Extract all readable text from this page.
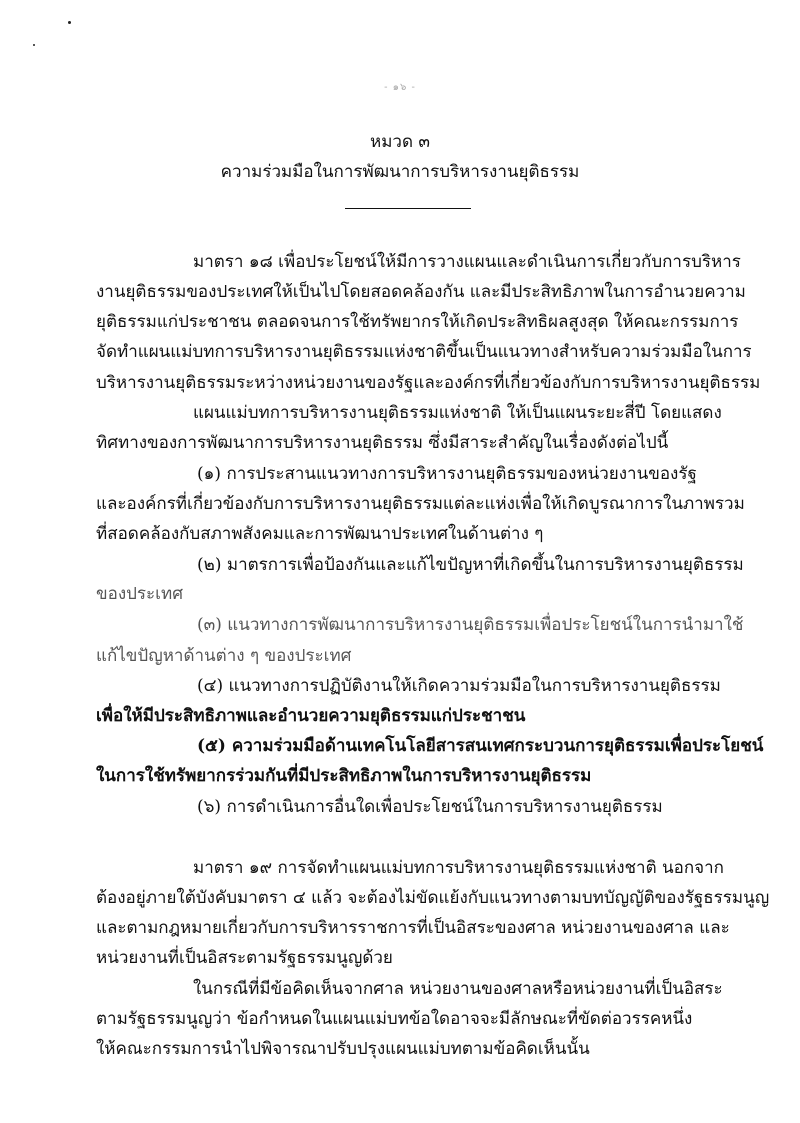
- ๑๖ -
หมวด ๓
ความร่วมมือในการพัฒนาการบริหารงานยุติธรรม
มาตรา ๑๘ เพื่อประโยชน์ให้มีการวางแผนและดำเนินการเกี่ยวกับการบริหาร
งานยุติธรรมของประเทศให้เป็นไปโดยสอดคล้องกัน และมีประสิทธิภาพในการอำนวยความ
ยุติธรรมแก่ประชาชน ตลอดจนการใช้ทรัพยากรให้เกิดประสิทธิผลสูงสุด ให้คณะกรรมการ
จัดทำแผนแม่บทการบริหารงานยุติธรรมแห่งชาติขึ้นเป็นแนวทางสำหรับความร่วมมือในการ
บริหารงานยุติธรรมระหว่างหน่วยงานของรัฐและองค์กรที่เกี่ยวข้องกับการบริหารงานยุติธรรม
แผนแม่บทการบริหารงานยุติธรรมแห่งชาติ ให้เป็นแผนระยะสี่ปี โดยแสดง
ทิศทางของการพัฒนาการบริหารงานยุติธรรม ซึ่งมีสาระสำคัญในเรื่องดังต่อไปนี้
(๑) การประสานแนวทางการบริหารงานยุติธรรมของหน่วยงานของรัฐ
และองค์กรที่เกี่ยวข้องกับการบริหารงานยุติธรรมแต่ละแห่งเพื่อให้เกิดบูรณาการในภาพรวม
ที่สอดคล้องกับสภาพสังคมและการพัฒนาประเทศในด้านต่าง ๆ
(๒) มาตรการเพื่อป้องกันและแก้ไขปัญหาที่เกิดขึ้นในการบริหารงานยุติธรรม
ของประเทศ
(๓) แนวทางการพัฒนาการบริหารงานยุติธรรมเพื่อประโยชน์ในการนำมาใช้
แก้ไขปัญหาด้านต่าง ๆ ของประเทศ
(๔) แนวทางการปฏิบัติงานให้เกิดความร่วมมือในการบริหารงานยุติธรรม
เพื่อให้มีประสิทธิภาพและอำนวยความยุติธรรมแก่ประชาชน
(๕) ความร่วมมือด้านเทคโนโลยีสารสนเทศกระบวนการยุติธรรมเพื่อประโยชน์
ในการใช้ทรัพยากรร่วมกันที่มีประสิทธิภาพในการบริหารงานยุติธรรม
(๖) การดำเนินการอื่นใดเพื่อประโยชน์ในการบริหารงานยุติธรรม
มาตรา ๑๙ การจัดทำแผนแม่บทการบริหารงานยุติธรรมแห่งชาติ นอกจาก
ต้องอยู่ภายใต้บังคับมาตรา ๔ แล้ว จะต้องไม่ขัดแย้งกับแนวทางตามบทบัญญัติของรัฐธรรมนูญ
และตามกฎหมายเกี่ยวกับการบริหารราชการที่เป็นอิสระของศาล หน่วยงานของศาล และ
หน่วยงานที่เป็นอิสระตามรัฐธรรมนูญด้วย
ในกรณีที่มีข้อคิดเห็นจากศาล หน่วยงานของศาลหรือหน่วยงานที่เป็นอิสระ
ตามรัฐธรรมนูญว่า ข้อกำหนดในแผนแม่บทข้อใดอาจจะมีลักษณะที่ขัดต่อวรรคหนึ่ง
ให้คณะกรรมการนำไปพิจารณาปรับปรุงแผนแม่บทตามข้อคิดเห็นนั้น
